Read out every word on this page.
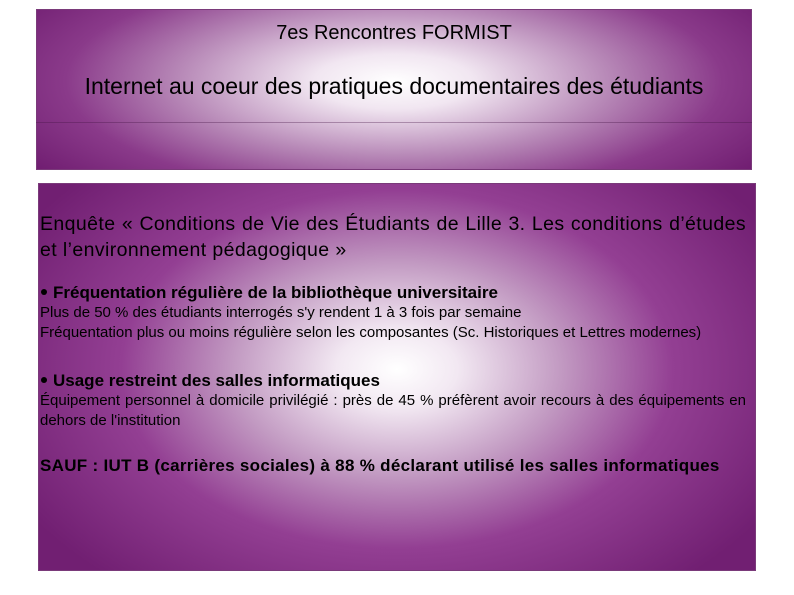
7es Rencontres FORMIST
Internet au coeur des pratiques documentaires des étudiants

Enquête « Conditions de Vie des Étudiants de Lille 3. Les conditions d’études et l’environnement pédagogique »

Fréquentation régulière de la bibliothèque universitaire
Plus de 50 % des étudiants interrogés s'y rendent 1 à 3 fois par semaine
Fréquentation plus ou moins régulière selon les composantes (Sc. Historiques et Lettres modernes)
Usage restreint des salles informatiques
Équipement personnel à domicile privilégié : près de 45 % préfèrent avoir recours à des équipements en dehors de l'institution
SAUF : IUT B (carrières sociales) à 88 % déclarant utilisé les salles informatiques
